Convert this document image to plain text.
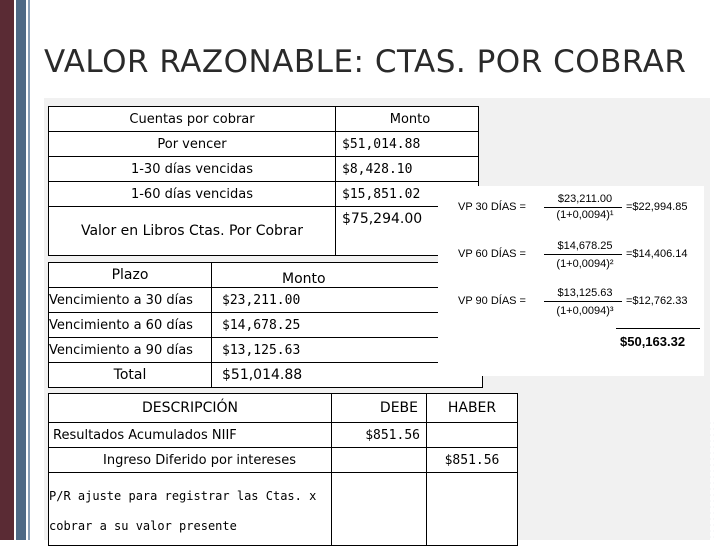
VALOR RAZONABLE: CTAS. POR COBRAR
Cuentas por cobrar	Monto
Por vencer	$51,014.88
1-30 días vencidas	$8,428.10
1-60 días vencidas	$15,851.02
Valor en Libros Ctas. Por Cobrar	$75,294.00
Plazo	Monto
Vencimiento a 30 días	$23,211.00
Vencimiento a 60 días	$14,678.25
Vencimiento a 90 días	$13,125.63
Total	$51,014.88
VP 30 DÍAS =
$23,211.00
(1+0,0094)¹
=$22,994.85
VP 60 DÍAS =
$14,678.25
(1+0,0094)²
=$14,406.14
VP 90 DÍAS =
$13,125.63
(1+0,0094)³
=$12,762.33
$50,163.32
DESCRIPCIÓN	DEBE	HABER
Resultados Acumulados NIIF	$851.56	
Ingreso Diferido por intereses		$851.56

P/R ajuste para registrar las Ctas. x
cobrar a su valor presente		
